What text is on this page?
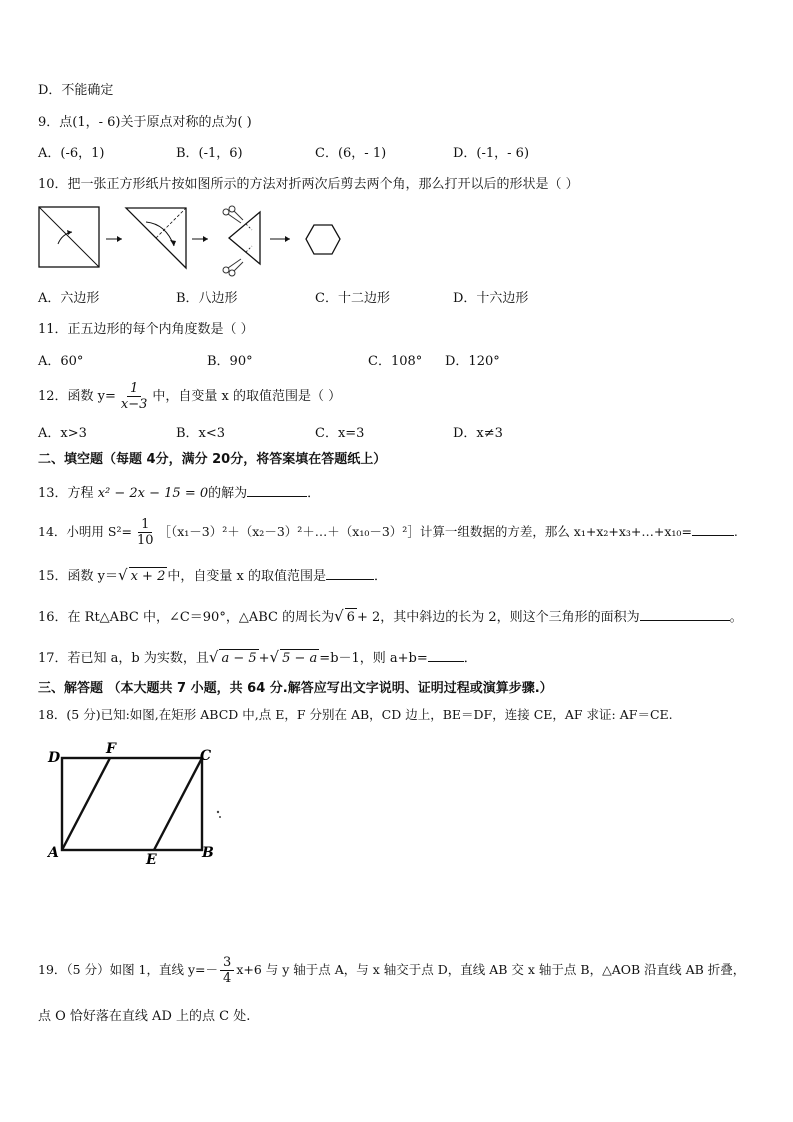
D．不能确定
9．点(1，- 6)关于原点对称的点为( )
A．(-6，1)	B．(-1，6)	C．(6，- 1)	D．(-1，- 6)
10．把一张正方形纸片按如图所示的方法对折两次后剪去两个角，那么打开以后的形状是（ ）
A．六边形	B．八边形	C．十二边形	D．十六边形
11．正五边形的每个内角度数是（ ）
A．60°	B．90°	C．108° D．120°
12．函数 $y= \frac{1}{x-3}$ 中，自变量 x 的取值范围是（ ）
A．x>3	B．x<3	C．x=3	D．x≠3
二、填空题（每题 4分，满分 20分，将答案填在答题纸上）
13．方程 x² − 2x − 15 = 0的解为	．
14．小明用 $S^2= \frac{1}{10}$ ［（x₁－3）²＋（x₂－3）²＋…＋（x₁₀－3）²］计算一组数据的方差，那么 x₁+x₂+x₃+…+x₁₀=	.
15．函数 y＝√ x + 2 中，自变量 x 的取值范围是	．
16．在 Rt△ABC 中，∠C＝90°，△ABC 的周长为√ 6 + 2，其中斜边的长为 2，则这个三角形的面积为	。
17．若已知 a，b 为实数，且√ a − 5 +√ 5 − a =b－1，则 a+b=	．
三、解答题 （本大题共 7 小题，共 64 分.解答应写出文字说明、证明过程或演算步骤.）
18．(5 分)已知:如图,在矩形 ABCD 中,点 E，F 分别在 AB，CD 边上，BE＝DF，连接 CE，AF 求证: AF＝CE.
D
F	C
A	E	B
19．（5 分）如图 1，直线 $y=- \frac{3}{4} x+6$ 与 y 轴于点 A，与 x 轴交于点 D，直线 AB 交 x 轴于点 B，△AOB 沿直线 AB 折叠，
点 O 恰好落在直线 AD 上的点 C 处.
